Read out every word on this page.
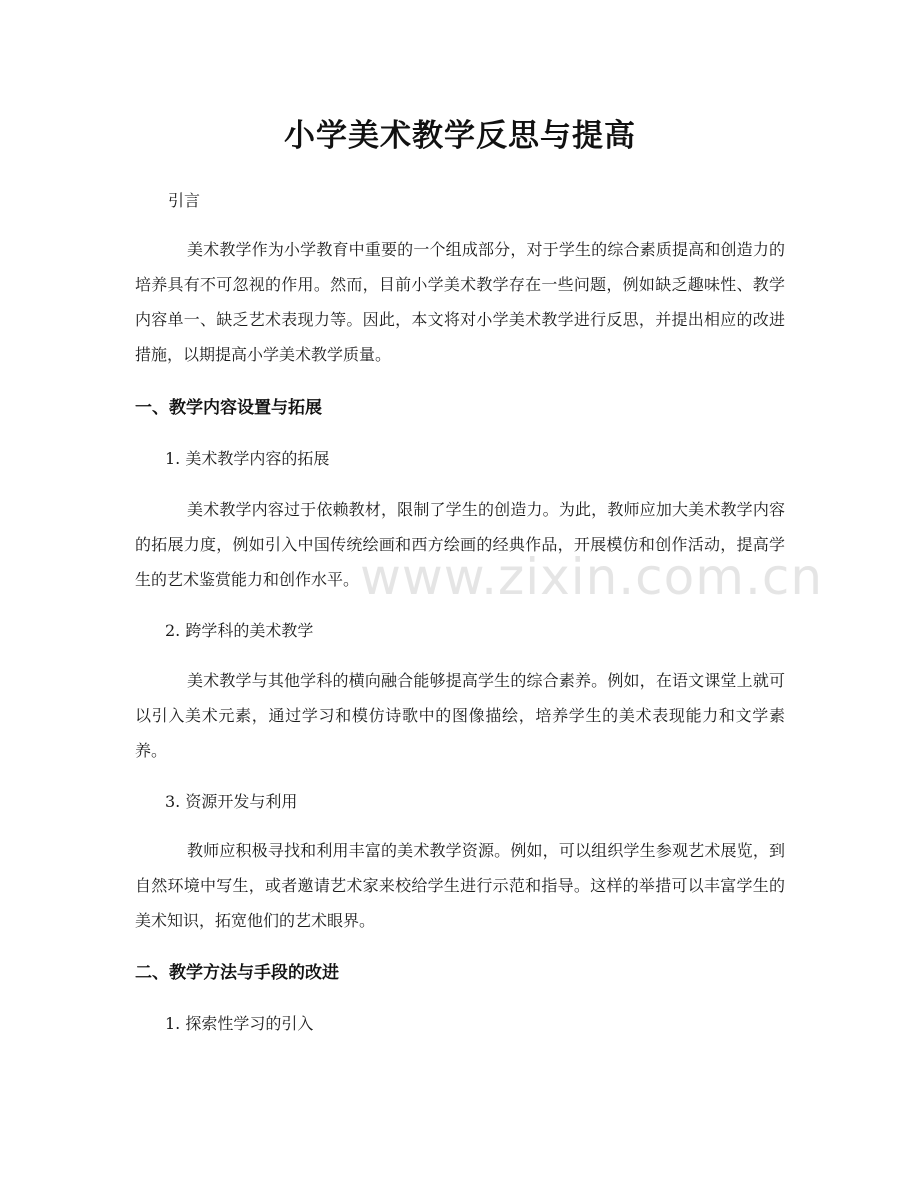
小学美术教学反思与提高

引言

美术教学作为小学教育中重要的一个组成部分，对于学生的综合素质提高和创造力的培养具有不可忽视的作用。然而，目前小学美术教学存在一些问题，例如缺乏趣味性、教学内容单一、缺乏艺术表现力等。因此，本文将对小学美术教学进行反思，并提出相应的改进措施，以期提高小学美术教学质量。

一、教学内容设置与拓展

1. 美术教学内容的拓展

美术教学内容过于依赖教材，限制了学生的创造力。为此，教师应加大美术教学内容的拓展力度，例如引入中国传统绘画和西方绘画的经典作品，开展模仿和创作活动，提高学生的艺术鉴赏能力和创作水平。

2. 跨学科的美术教学

美术教学与其他学科的横向融合能够提高学生的综合素养。例如，在语文课堂上就可以引入美术元素，通过学习和模仿诗歌中的图像描绘，培养学生的美术表现能力和文学素养。

3. 资源开发与利用

教师应积极寻找和利用丰富的美术教学资源。例如，可以组织学生参观艺术展览，到自然环境中写生，或者邀请艺术家来校给学生进行示范和指导。这样的举措可以丰富学生的美术知识，拓宽他们的艺术眼界。

二、教学方法与手段的改进

1. 探索性学习的引入

www.zixin.com.cn
